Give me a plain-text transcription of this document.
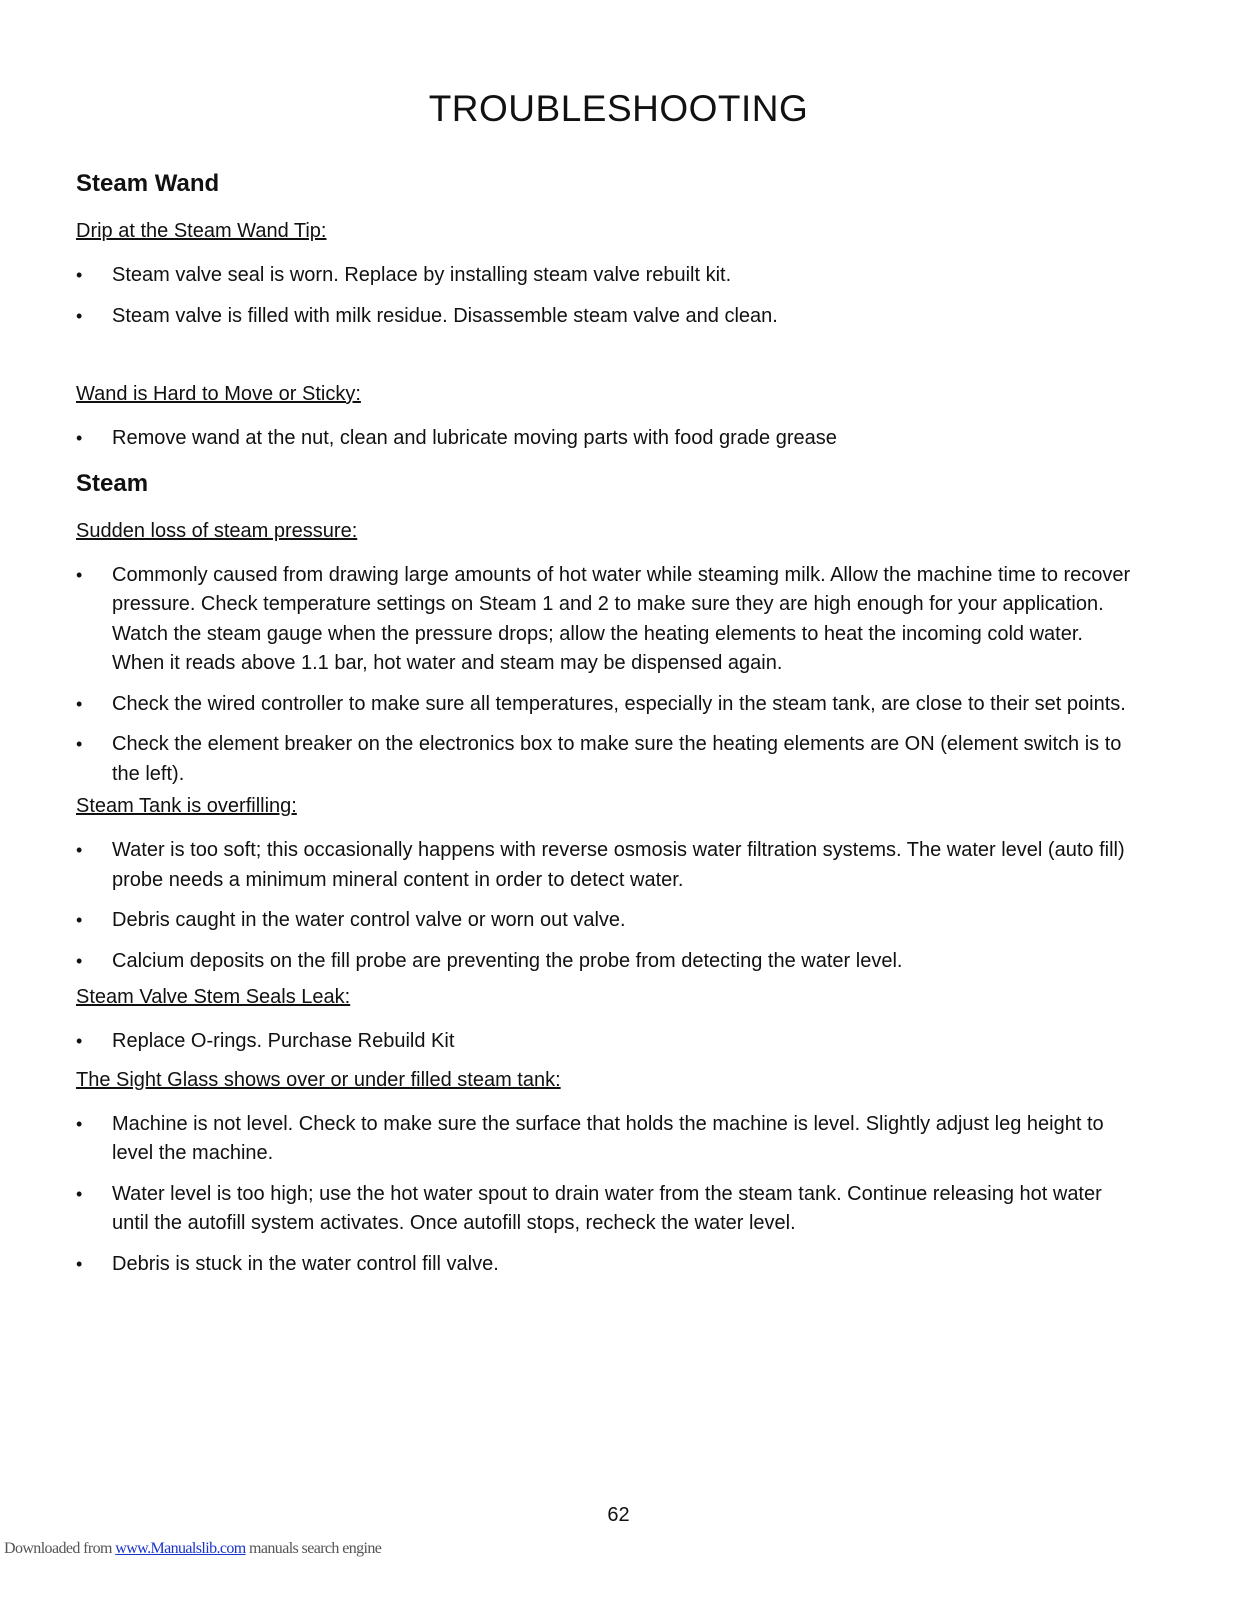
TROUBLESHOOTING
Steam Wand

Drip at the Steam Wand Tip:

• Steam valve seal is worn. Replace by installing steam valve rebuilt kit.
• Steam valve is filled with milk residue. Disassemble steam valve and clean.

Wand is Hard to Move or Sticky:

• Remove wand at the nut, clean and lubricate moving parts with food grade grease
Steam

Sudden loss of steam pressure:

• Commonly caused from drawing large amounts of hot water while steaming milk. Allow the machine time to recover pressure. Check temperature settings on Steam 1 and 2 to make sure they are high enough for your application. Watch the steam gauge when the pressure drops; allow the heating elements to heat the incoming cold water. When it reads above 1.1 bar, hot water and steam may be dispensed again.
• Check the wired controller to make sure all temperatures, especially in the steam tank, are close to their set points.
• Check the element breaker on the electronics box to make sure the heating elements are ON (element switch is to the left).

Steam Tank is overfilling:

• Water is too soft; this occasionally happens with reverse osmosis water filtration systems. The water level (auto fill) probe needs a minimum mineral content in order to detect water.
• Debris caught in the water control valve or worn out valve.
• Calcium deposits on the fill probe are preventing the probe from detecting the water level.

Steam Valve Stem Seals Leak:

• Replace O-rings. Purchase Rebuild Kit

The Sight Glass shows over or under filled steam tank:

• Machine is not level. Check to make sure the surface that holds the machine is level. Slightly adjust leg height to level the machine.
• Water level is too high; use the hot water spout to drain water from the steam tank. Continue releasing hot water until the autofill system activates. Once autofill stops, recheck the water level.
• Debris is stuck in the water control fill valve.
62
Downloaded from www.Manualslib.com manuals search engine
